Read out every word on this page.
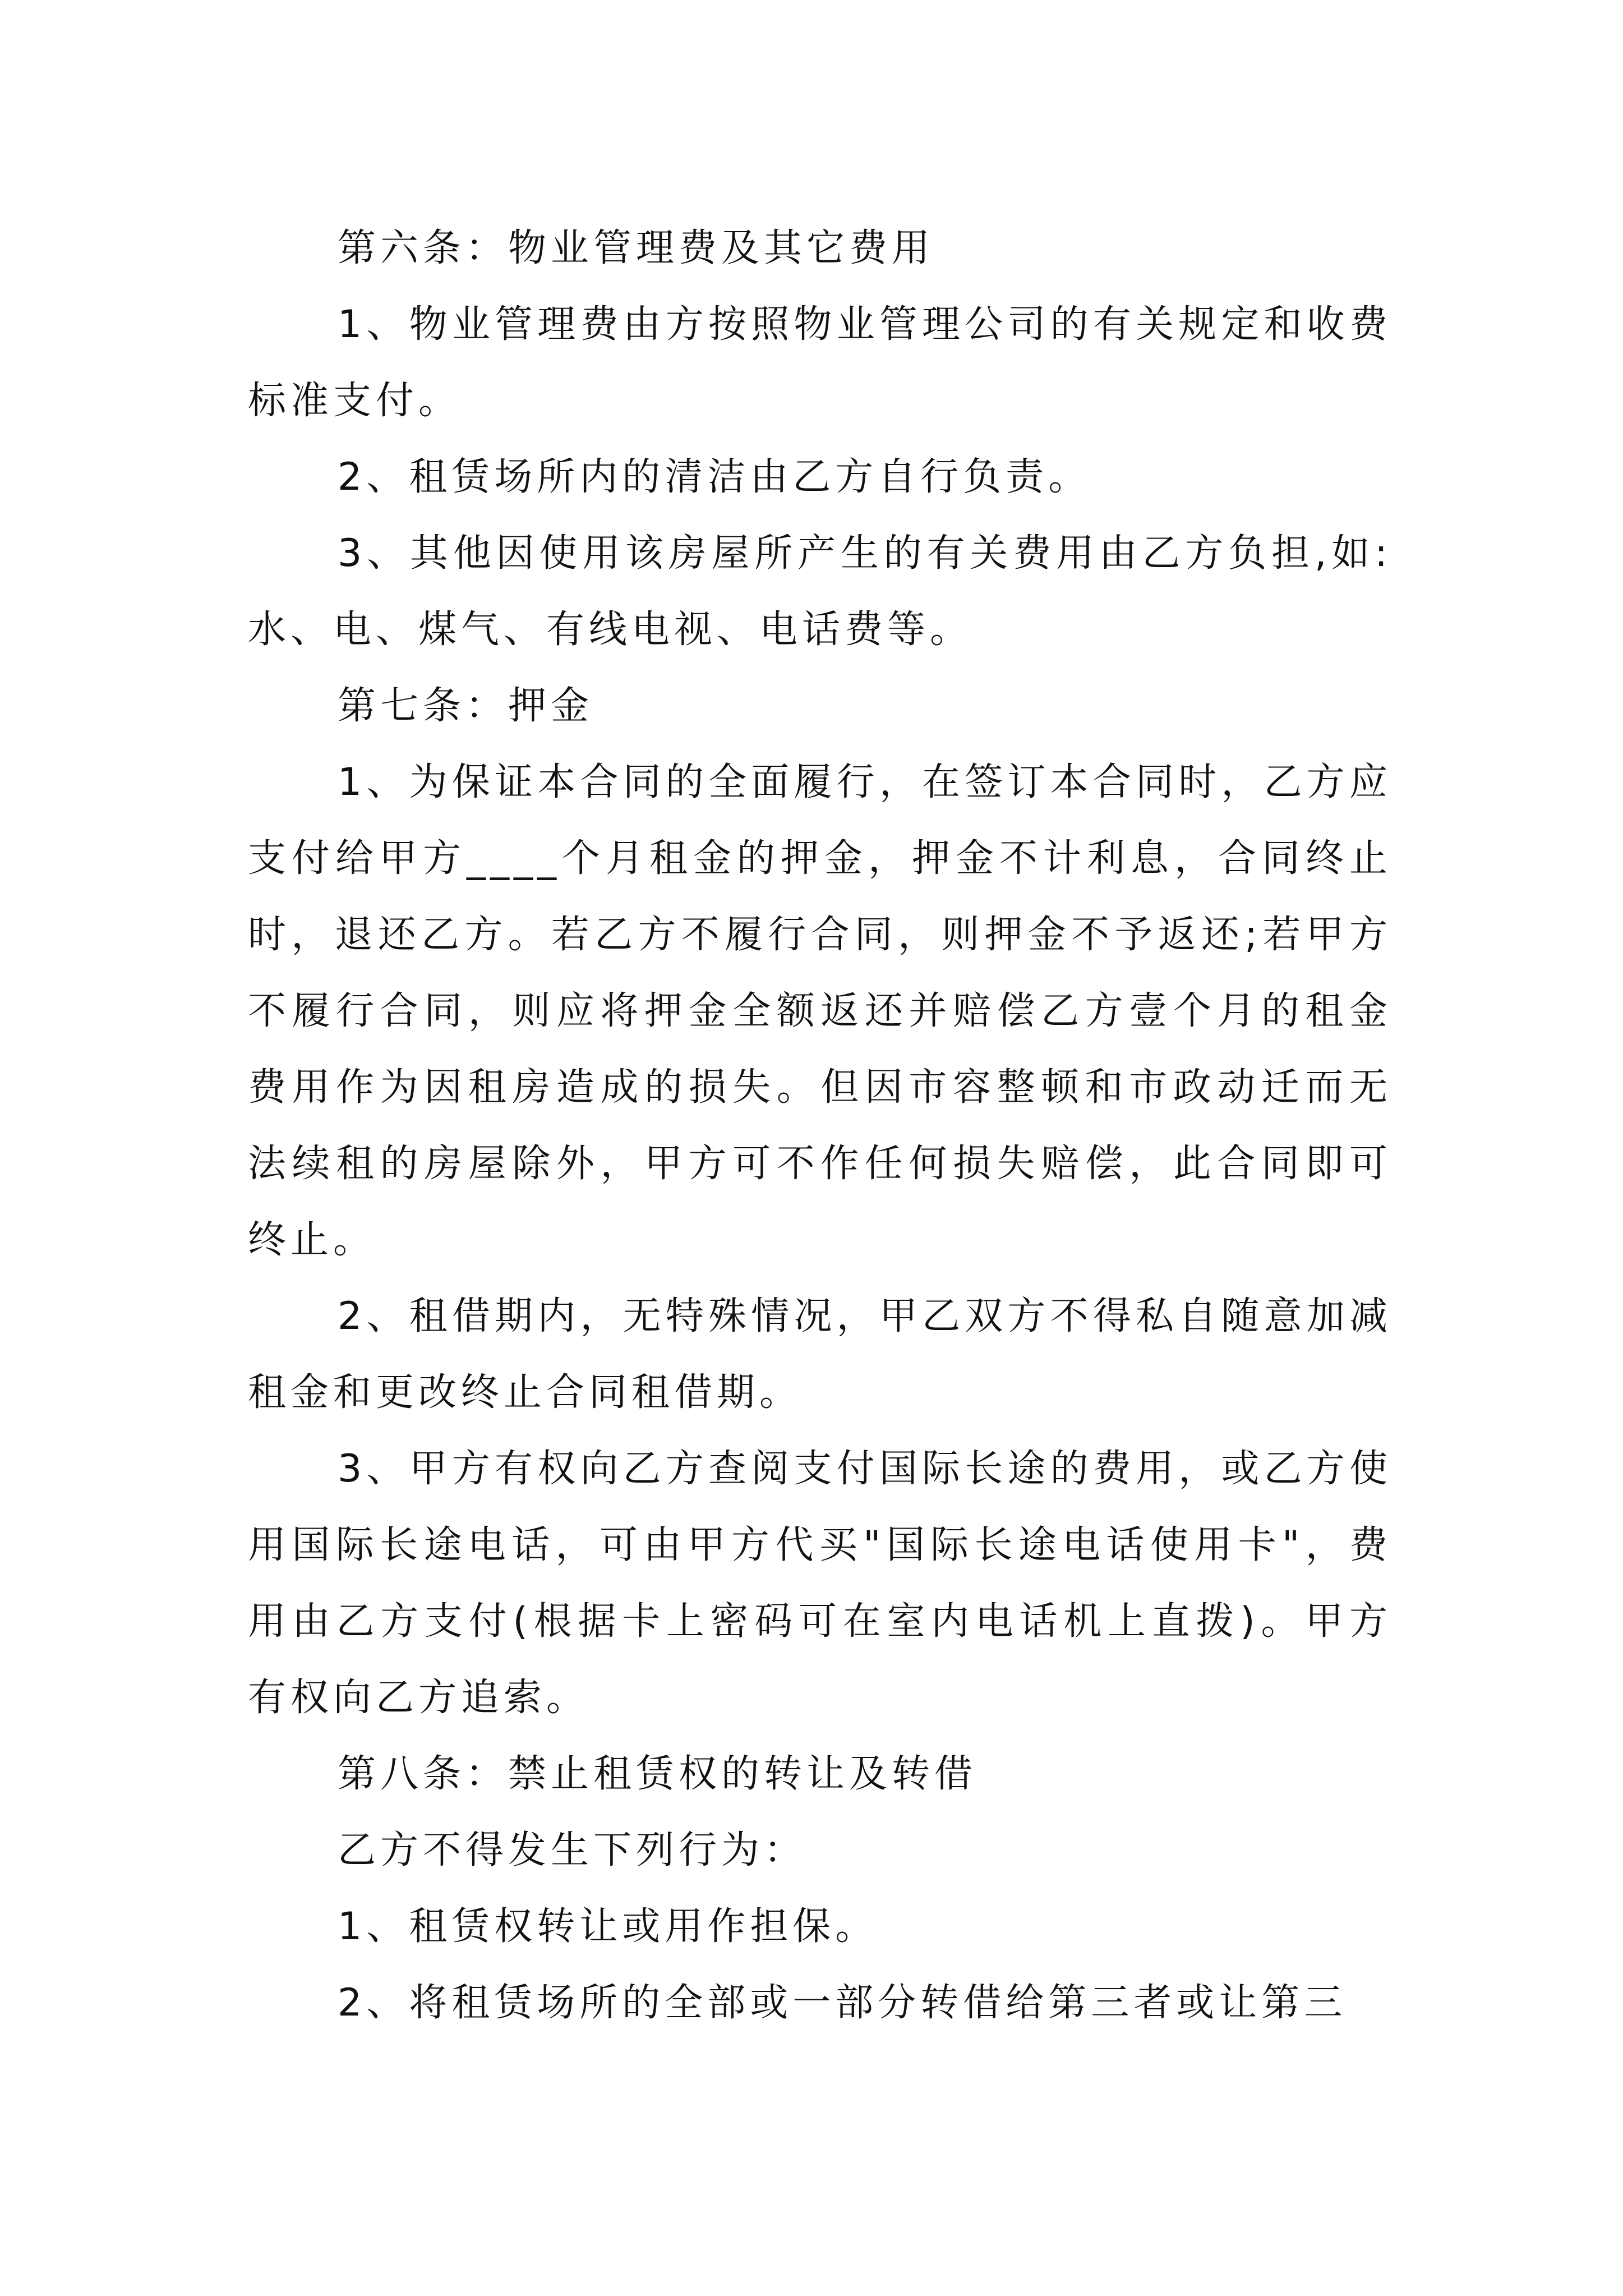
第六条：物业管理费及其它费用

1、物业管理费由方按照物业管理公司的有关规定和收费标准支付。

2、租赁场所内的清洁由乙方自行负责。

3、其他因使用该房屋所产生的有关费用由乙方负担,如:水、电、煤气、有线电视、电话费等。

第七条：押金

1、为保证本合同的全面履行，在签订本合同时，乙方应支付给甲方____个月租金的押金，押金不计利息，合同终止时，退还乙方。若乙方不履行合同，则押金不予返还;若甲方不履行合同，则应将押金全额返还并赔偿乙方壹个月的租金费用作为因租房造成的损失。但因市容整顿和市政动迁而无法续租的房屋除外，甲方可不作任何损失赔偿，此合同即可终止。

2、租借期内，无特殊情况，甲乙双方不得私自随意加减租金和更改终止合同租借期。

3、甲方有权向乙方查阅支付国际长途的费用，或乙方使用国际长途电话，可由甲方代买"国际长途电话使用卡"，费用由乙方支付(根据卡上密码可在室内电话机上直拨)。甲方有权向乙方追索。

第八条：禁止租赁权的转让及转借

乙方不得发生下列行为：

1、租赁权转让或用作担保。

2、将租赁场所的全部或一部分转借给第三者或让第三
